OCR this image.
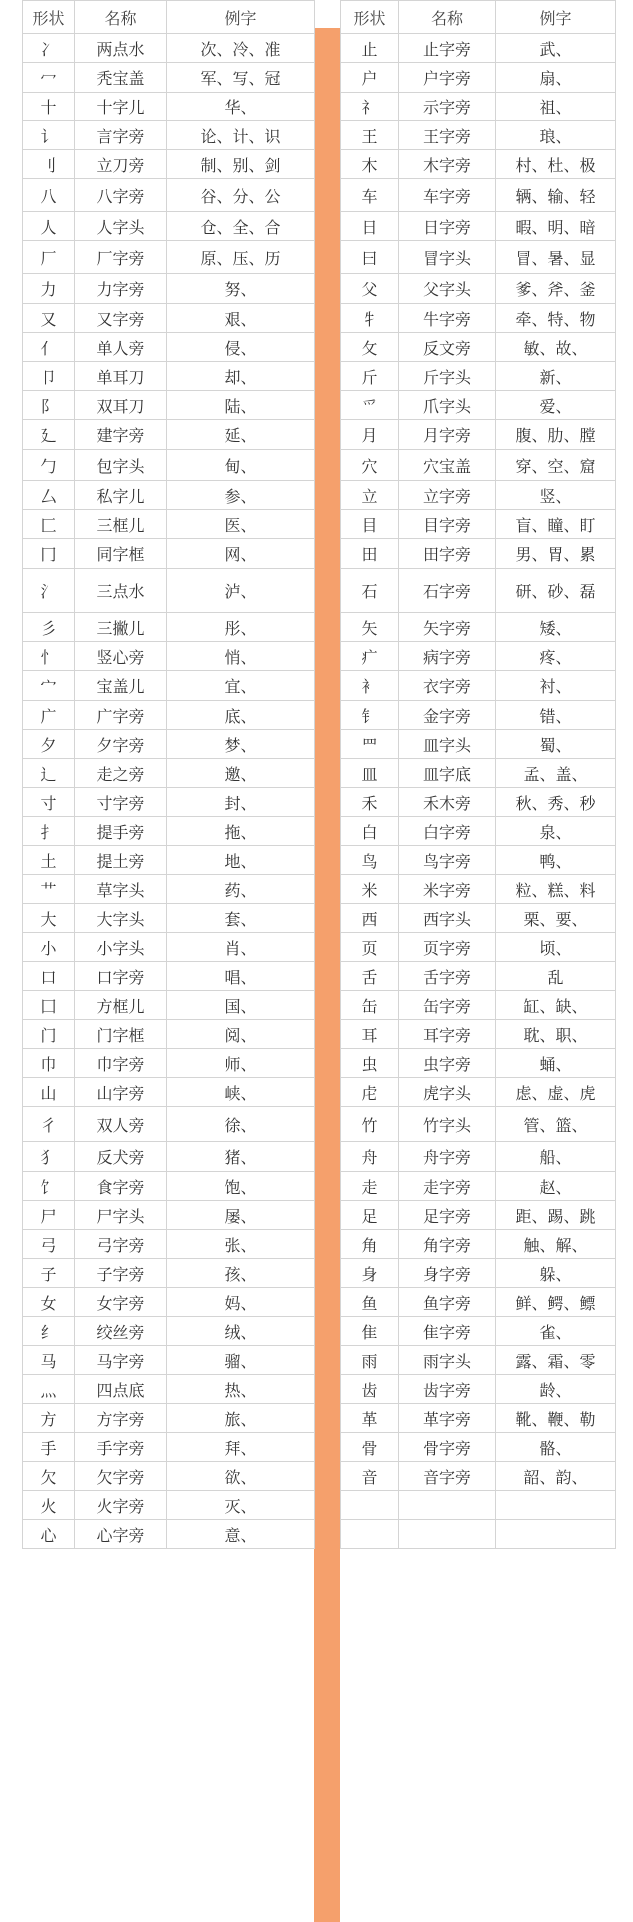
形状	名称	例字
冫	两点水	次、冷、准
冖	秃宝盖	军、写、冠
十	十字儿	华、
讠	言字旁	论、计、识
刂	立刀旁	制、别、剑
八	八字旁	谷、分、公
人	人字头	仓、全、合
厂	厂字旁	原、压、历
力	力字旁	努、
又	又字旁	艰、
亻	单人旁	侵、
卩	单耳刀	却、
阝	双耳刀	陆、
廴	建字旁	延、
勹	包字头	甸、
厶	私字儿	参、
匚	三框儿	医、
冂	同字框	网、
氵	三点水	泸、
彡	三撇儿	彤、
忄	竖心旁	悄、
宀	宝盖儿	宜、
广	广字旁	底、
夕	夕字旁	梦、
辶	走之旁	邀、
寸	寸字旁	封、
扌	提手旁	拖、
土	提土旁	地、
艹	草字头	药、
大	大字头	套、
小	小字头	肖、
口	口字旁	唱、
囗	方框儿	国、
门	门字框	阅、
巾	巾字旁	师、
山	山字旁	峡、
彳	双人旁	徐、
犭	反犬旁	猪、
饣	食字旁	饱、
尸	尸字头	屡、
弓	弓字旁	张、
子	子字旁	孩、
女	女字旁	妈、
纟	绞丝旁	绒、
马	马字旁	骝、
灬	四点底	热、
方	方字旁	旅、
手	手字旁	拜、
欠	欠字旁	欲、
火	火字旁	灭、
心	心字旁	意、
形状	名称	例字
止	止字旁	武、
户	户字旁	扇、
礻	示字旁	祖、
王	王字旁	琅、
木	木字旁	村、杜、极
车	车字旁	辆、输、轻
日	日字旁	暇、明、暗
曰	冒字头	冒、暑、显
父	父字头	爹、斧、釜
牜	牛字旁	牵、特、物
攵	反文旁	敏、故、
斤	斤字头	新、
爫	爪字头	爱、
月	月字旁	腹、肋、膛
穴	穴宝盖	穿、空、窟
立	立字旁	竖、
目	目字旁	盲、瞳、盯
田	田字旁	男、胃、累
石	石字旁	研、砂、磊
矢	矢字旁	矮、
疒	病字旁	疼、
衤	衣字旁	衬、
钅	金字旁	错、
罒	皿字头	蜀、
皿	皿字底	孟、盖、
禾	禾木旁	秋、秀、秒
白	白字旁	泉、
鸟	鸟字旁	鸭、
米	米字旁	粒、糕、料
西	西字头	栗、要、
页	页字旁	顷、
舌	舌字旁	乱
缶	缶字旁	缸、缺、
耳	耳字旁	耽、职、
虫	虫字旁	蛹、
虍	虎字头	虑、虚、虎
竹	竹字头	管、篮、
舟	舟字旁	船、
走	走字旁	赵、
足	足字旁	距、踢、跳
角	角字旁	触、解、
身	身字旁	躲、
鱼	鱼字旁	鲜、鳄、鳔
隹	隹字旁	雀、
雨	雨字头	露、霜、零
齿	齿字旁	龄、
革	革字旁	靴、鞭、勒
骨	骨字旁	骼、
音	音字旁	韶、韵、
